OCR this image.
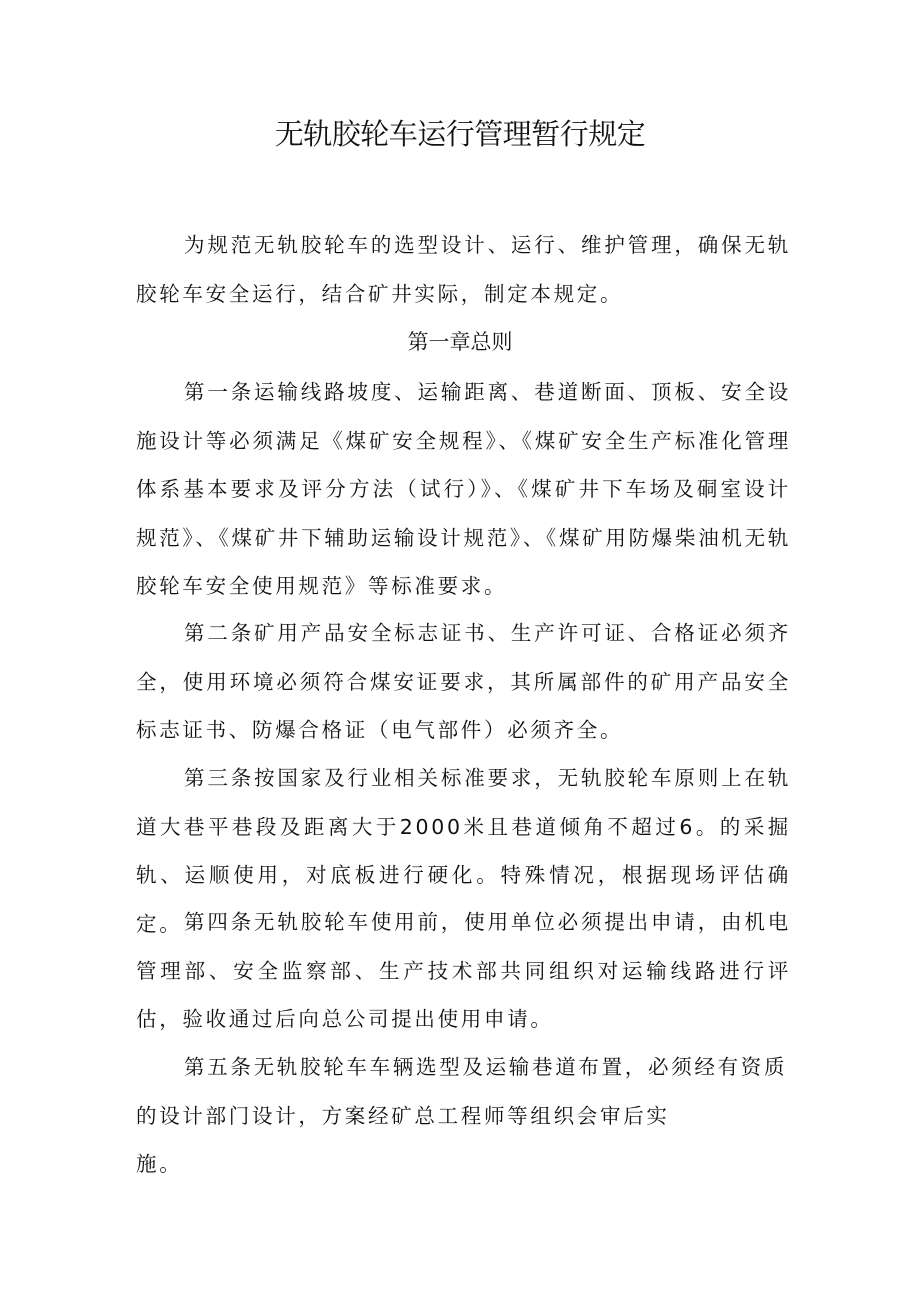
无轨胶轮车运行管理暂行规定

为规范无轨胶轮车的选型设计、运行、维护管理，确保无轨胶轮车安全运行，结合矿井实际，制定本规定。

第一章总则

第一条运输线路坡度、运输距离、巷道断面、顶板、安全设施设计等必须满足《煤矿安全规程》、《煤矿安全生产标准化管理体系基本要求及评分方法（试行）》、《煤矿井下车场及硐室设计规范》、《煤矿井下辅助运输设计规范》、《煤矿用防爆柴油机无轨胶轮车安全使用规范》等标准要求。

第二条矿用产品安全标志证书、生产许可证、合格证必须齐全，使用环境必须符合煤安证要求，其所属部件的矿用产品安全标志证书、防爆合格证（电气部件）必须齐全。

第三条按国家及行业相关标准要求，无轨胶轮车原则上在轨道大巷平巷段及距离大于2000米且巷道倾角不超过6。的采掘轨、运顺使用，对底板进行硬化。特殊情况，根据现场评估确定。 第四条无轨胶轮车使用前，使用单位必须提出申请，由机电管理部、安全监察部、生产技术部共同组织对运输线路进行评估，验收通过后向总公司提出使用申请。

第五条无轨胶轮车车辆选型及运输巷道布置，必须经有资质
的设计部门设计，方案经矿总工程师等组织会审后实
施。
